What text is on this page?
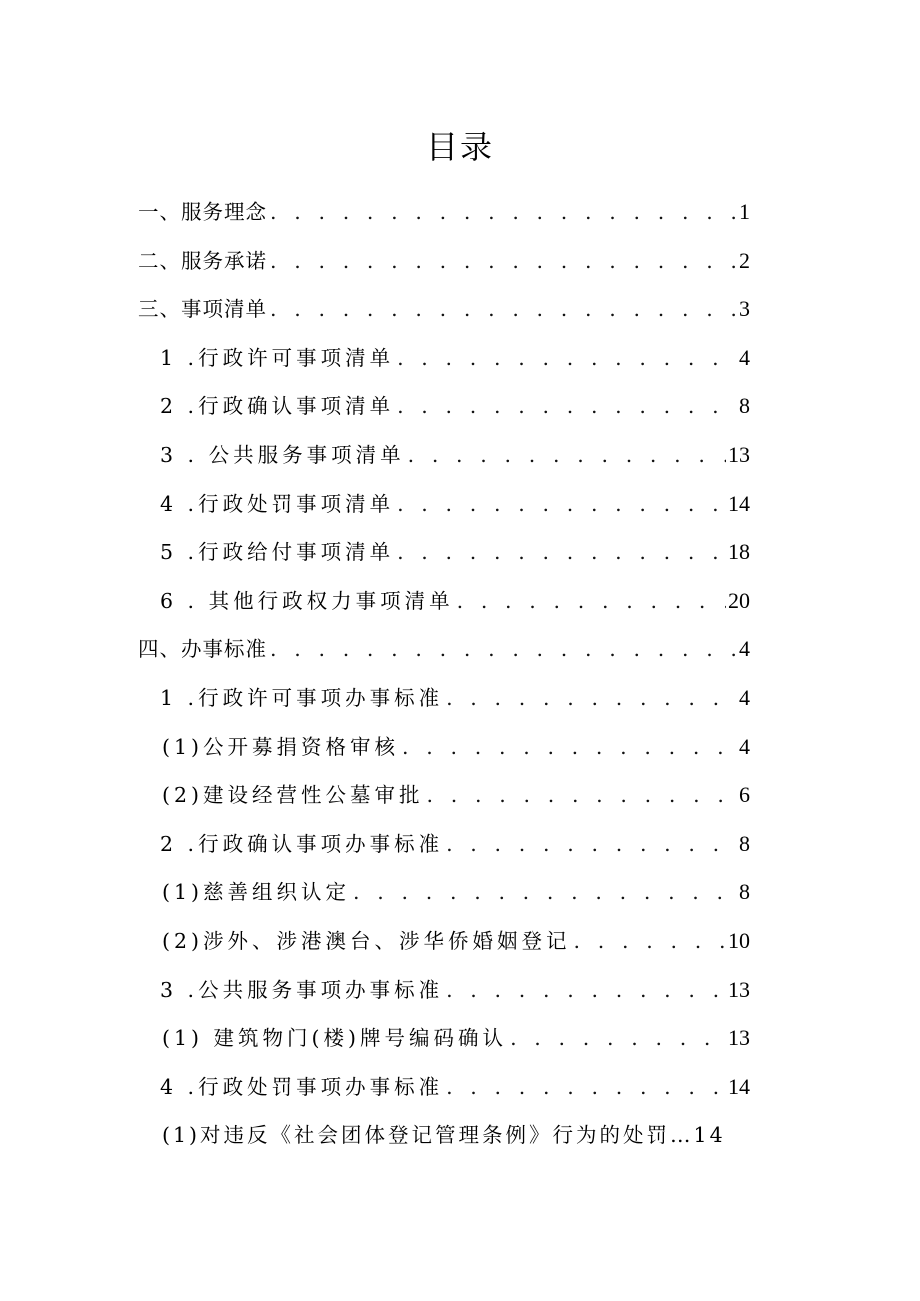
目录
一、服务理念 . . .	1
二、服务承诺 . . .	2
三、事项清单 . . .	3
1 .行政许可事项清单 . . .	4
2 .行政确认事项清单 . . .	8
3 . 公共服务事项清单 . . .	13
4 .行政处罚事项清单 . . .	14
5 .行政给付事项清单 . . .	18
6 . 其他行政权力事项清单 . . .	20
四、办事标准 . . .	4
1 .行政许可事项办事标准 . . .	4
(1)公开募捐资格审核 . . .	4
(2)建设经营性公墓审批 . . .	6
2 .行政确认事项办事标准 . . .	8
(1)慈善组织认定 . . .	8
(2)涉外、涉港澳台、涉华侨婚姻登记 . . .	10
3 .公共服务事项办事标准 . . .	13
(1) 建筑物门(楼)牌号编码确认 . . .	13
4 .行政处罚事项办事标准 . . .	14
(1)对违反《社会团体登记管理条例》行为的处罚…14
